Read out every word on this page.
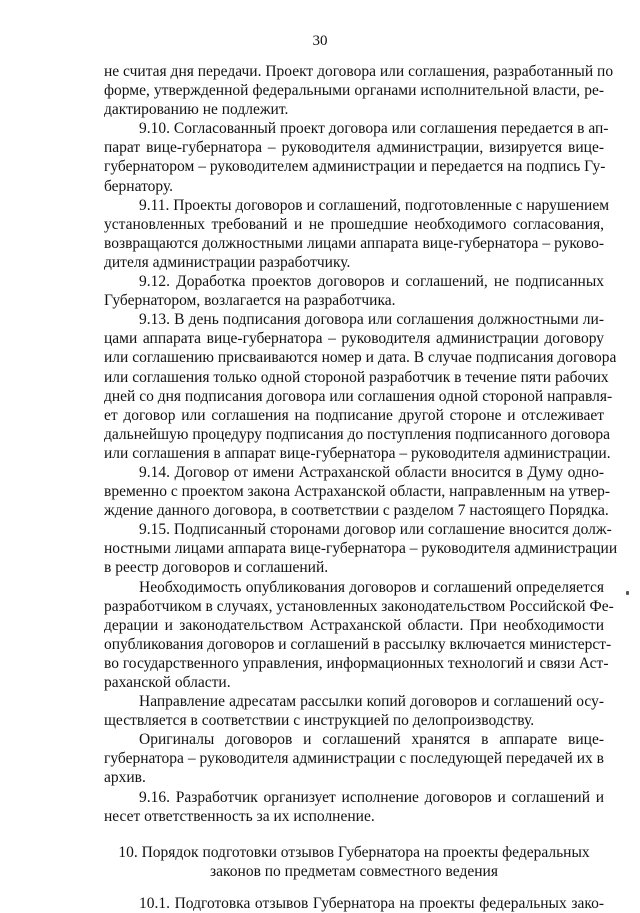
30
не считая дня передачи. Проект договора или соглашения, разработанный по
форме, утвержденной федеральными органами исполнительной власти, ре-
дактированию не подлежит.
9.10. Согласованный проект договора или соглашения передается в ап-
парат вице-губернатора – руководителя администрации, визируется вице-
губернатором – руководителем администрации и передается на подпись Гу-
бернатору.
9.11. Проекты договоров и соглашений, подготовленные с нарушением
установленных требований и не прошедшие необходимого согласования,
возвращаются должностными лицами аппарата вице-губернатора – руково-
дителя администрации разработчику.
9.12. Доработка проектов договоров и соглашений, не подписанных
Губернатором, возлагается на разработчика.
9.13. В день подписания договора или соглашения должностными ли-
цами аппарата вице-губернатора – руководителя администрации договору
или соглашению присваиваются номер и дата. В случае подписания договора
или соглашения только одной стороной разработчик в течение пяти рабочих
дней со дня подписания договора или соглашения одной стороной направля-
ет договор или соглашения на подписание другой стороне и отслеживает
дальнейшую процедуру подписания до поступления подписанного договора
или соглашения в аппарат вице-губернатора – руководителя администрации.
9.14. Договор от имени Астраханской области вносится в Думу одно-
временно с проектом закона Астраханской области, направленным на утвер-
ждение данного договора, в соответствии с разделом 7 настоящего Порядка.
9.15. Подписанный сторонами договор или соглашение вносится долж-
ностными лицами аппарата вице-губернатора – руководителя администрации
в реестр договоров и соглашений.
Необходимость опубликования договоров и соглашений определяется
разработчиком в случаях, установленных законодательством Российской Фе-
дерации и законодательством Астраханской области. При необходимости
опубликования договоров и соглашений в рассылку включается министерст-
во государственного управления, информационных технологий и связи Аст-
раханской области.
Направление адресатам рассылки копий договоров и соглашений осу-
ществляется в соответствии с инструкцией по делопроизводству.
Оригиналы договоров и соглашений хранятся в аппарате вице-
губернатора – руководителя администрации с последующей передачей их в
архив.
9.16. Разработчик организует исполнение договоров и соглашений и
несет ответственность за их исполнение.
10. Порядок подготовки отзывов Губернатора на проекты федеральных
законов по предметам совместного ведения
10.1. Подготовка отзывов Губернатора на проекты федеральных зако-
